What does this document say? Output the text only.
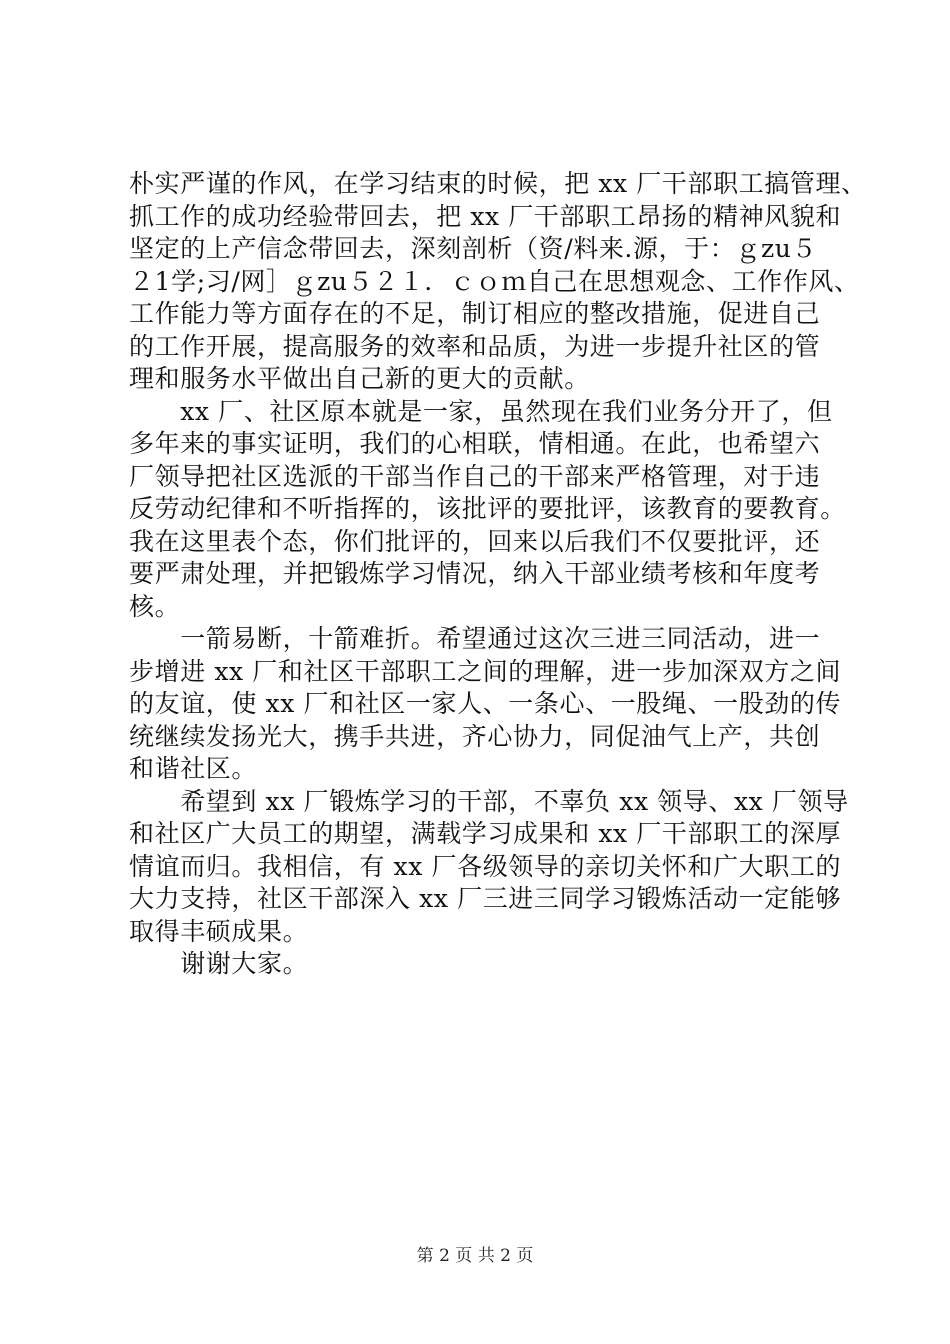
朴实严谨的作风，在学习结束的时候，把 xx 厂干部职工搞管理、
抓工作的成功经验带回去，把 xx 厂干部职工昂扬的精神风貌和
坚定的上产信念带回去，深刻剖析（资/料来.源，于：ｇzu５
２1学;习/网］ｇzu５２１．ｃｏｍ自己在思想观念、工作作风、
工作能力等方面存在的不足，制订相应的整改措施，促进自己
的工作开展，提高服务的效率和品质，为进一步提升社区的管
理和服务水平做出自己新的更大的贡献。
　　xx 厂、社区原本就是一家，虽然现在我们业务分开了，但
多年来的事实证明，我们的心相联，情相通。在此，也希望六
厂领导把社区选派的干部当作自己的干部来严格管理，对于违
反劳动纪律和不听指挥的，该批评的要批评，该教育的要教育。
我在这里表个态，你们批评的，回来以后我们不仅要批评，还
要严肃处理，并把锻炼学习情况，纳入干部业绩考核和年度考
核。
　　一箭易断，十箭难折。希望通过这次三进三同活动，进一
步增进 xx 厂和社区干部职工之间的理解，进一步加深双方之间
的友谊，使 xx 厂和社区一家人、一条心、一股绳、一股劲的传
统继续发扬光大，携手共进，齐心协力，同促油气上产，共创
和谐社区。
　　希望到 xx 厂锻炼学习的干部，不辜负 xx 领导、xx 厂领导
和社区广大员工的期望，满载学习成果和 xx 厂干部职工的深厚
情谊而归。我相信，有 xx 厂各级领导的亲切关怀和广大职工的
大力支持，社区干部深入 xx 厂三进三同学习锻炼活动一定能够
取得丰硕成果。
　　谢谢大家。
第 2 页 共 2 页
